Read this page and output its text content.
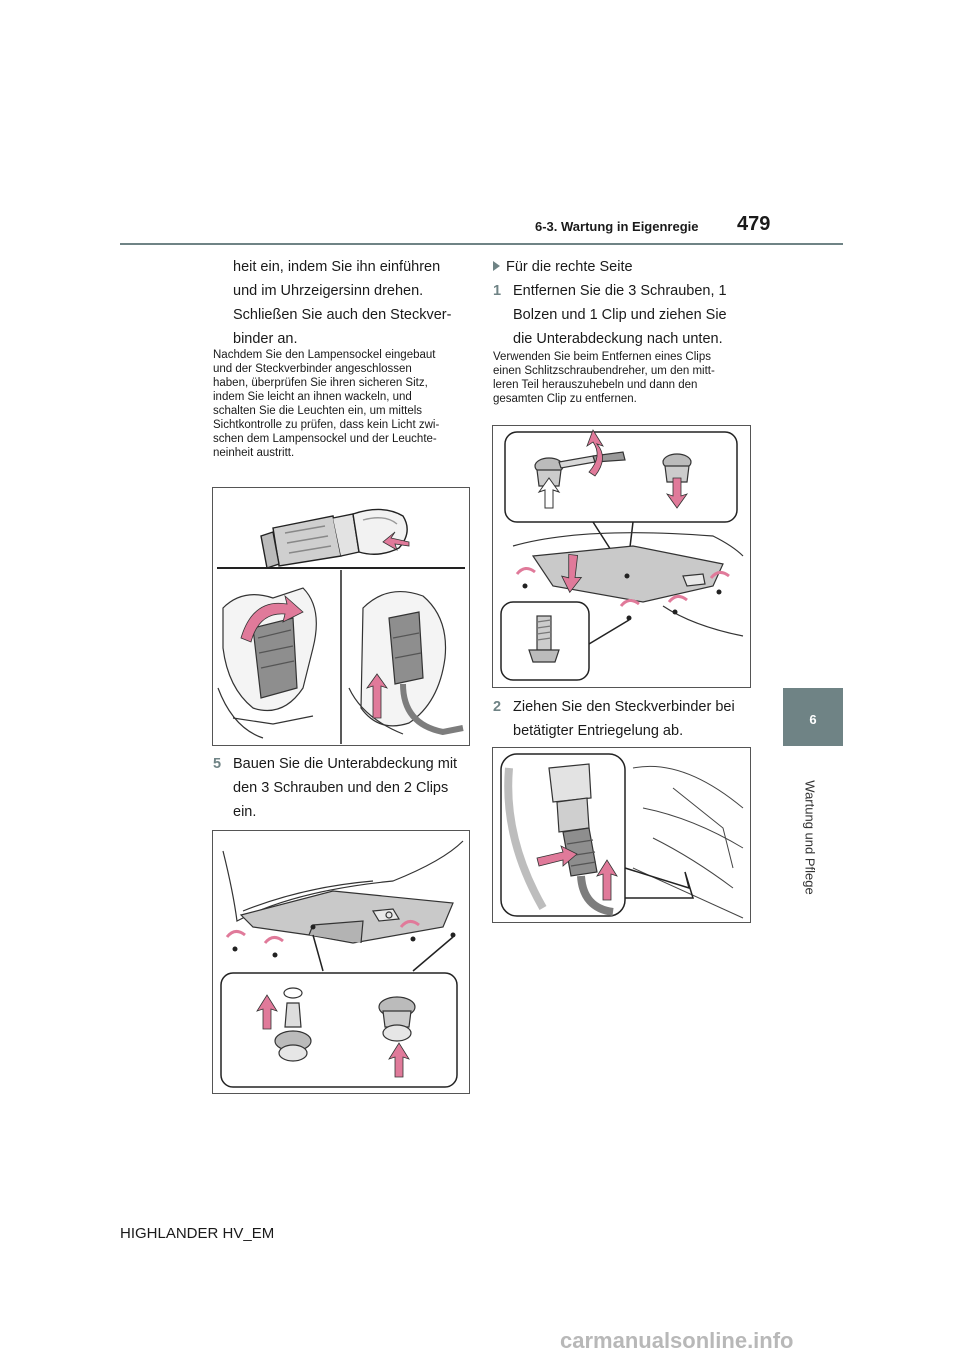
6-3. Wartung in Eigenregie 479
6
Wartung und Pflege
heit ein, indem Sie ihn einführen
und im Uhrzeigersinn drehen.
Schließen Sie auch den Steckver-
binder an.
Nachdem Sie den Lampensockel eingebaut
und der Steckverbinder angeschlossen
haben, überprüfen Sie ihren sicheren Sitz,
indem Sie leicht an ihnen wackeln, und
schalten Sie die Leuchten ein, um mittels
Sichtkontrolle zu prüfen, dass kein Licht zwi-
schen dem Lampensockel und der Leuchte-
neinheit austritt.
5 Bauen Sie die Unterabdeckung mit
den 3 Schrauben und den 2 Clips
ein.
Für die rechte Seite
1 Entfernen Sie die 3 Schrauben, 1
Bolzen und 1 Clip und ziehen Sie
die Unterabdeckung nach unten.
Verwenden Sie beim Entfernen eines Clips
einen Schlitzschraubendreher, um den mitt-
leren Teil herauszuhebeln und dann den
gesamten Clip zu entfernen.
2 Ziehen Sie den Steckverbinder bei
betätigter Entriegelung ab.
HIGHLANDER HV_EM
carmanualsonline.info
